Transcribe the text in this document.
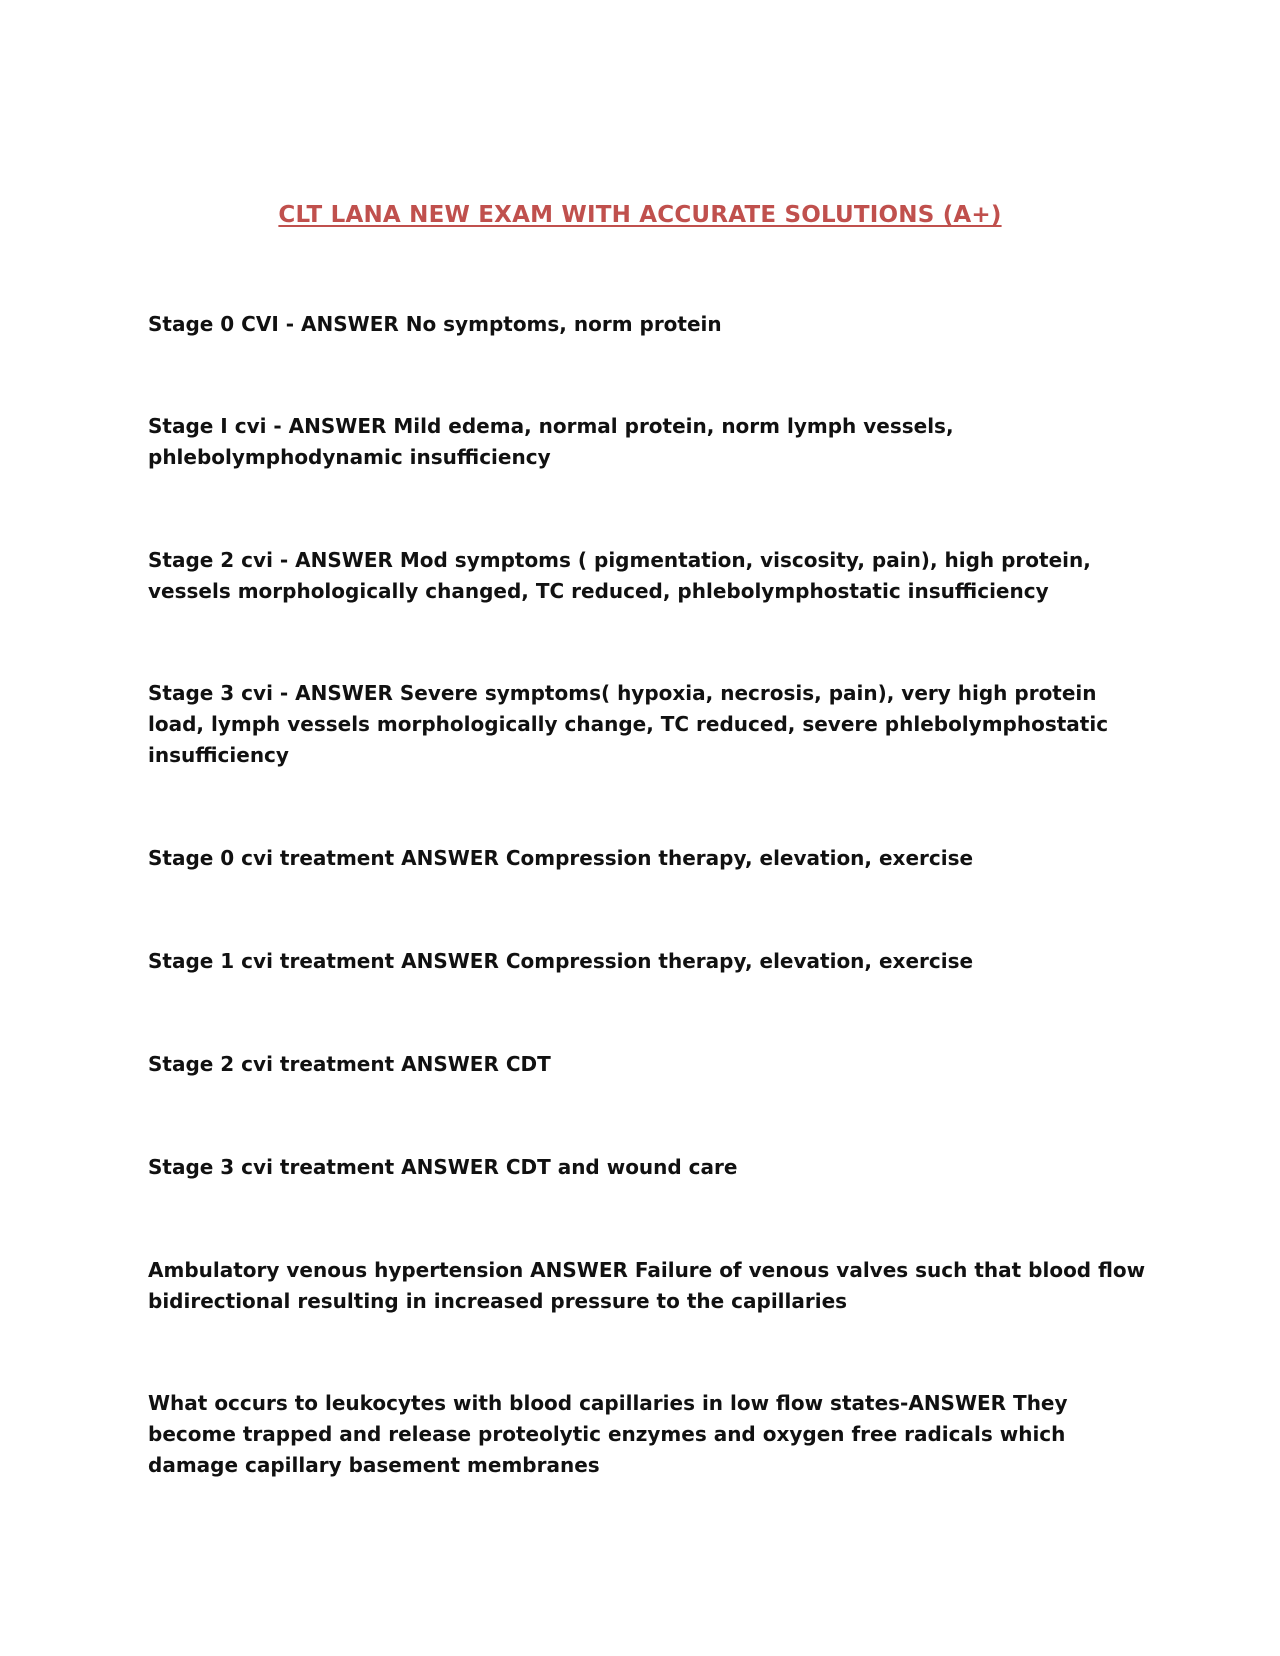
CLT LANA NEW EXAM WITH ACCURATE SOLUTIONS (A+)

Stage 0 CVI - ANSWER No symptoms, norm protein

Stage I cvi - ANSWER Mild edema, normal protein, norm lymph vessels, phlebolymphodynamic insufficiency

Stage 2 cvi - ANSWER Mod symptoms ( pigmentation, viscosity, pain), high protein, vessels morphologically changed, TC reduced, phlebolymphostatic insufficiency

Stage 3 cvi - ANSWER Severe symptoms( hypoxia, necrosis, pain), very high protein load, lymph vessels morphologically change, TC reduced, severe phlebolymphostatic insufficiency

Stage 0 cvi treatment ANSWER Compression therapy, elevation, exercise

Stage 1 cvi treatment ANSWER Compression therapy, elevation, exercise

Stage 2 cvi treatment ANSWER CDT

Stage 3 cvi treatment ANSWER CDT and wound care

Ambulatory venous hypertension ANSWER Failure of venous valves such that blood flow bidirectional resulting in increased pressure to the capillaries

What occurs to leukocytes with blood capillaries in low flow states-ANSWER They become trapped and release proteolytic enzymes and oxygen free radicals which damage capillary basement membranes
